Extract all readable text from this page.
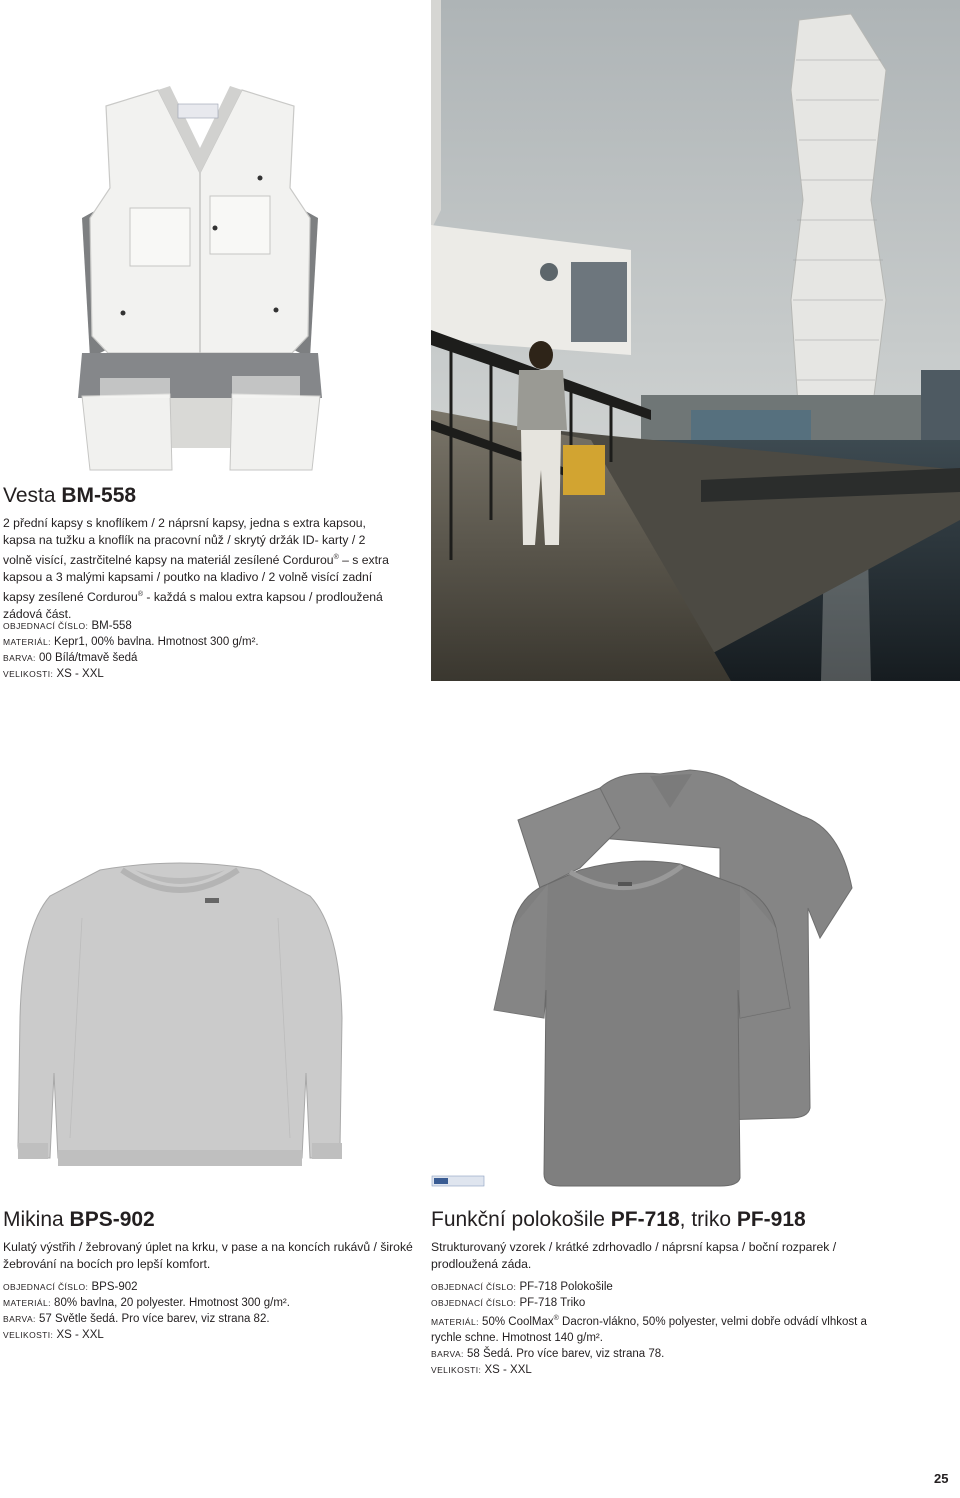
Vesta BM-558
2 přední kapsy s knoflíkem / 2 náprsní kapsy, jedna s extra kapsou, kapsa na tužku a knoflík na pracovní nůž / skrytý držák ID- karty / 2 volně visící, zastrčitelné kapsy na materiál zesílené Cordurou® – s extra kapsou a 3 malými kapsami / poutko na kladivo / 2 volně visící zadní kapsy zesílené Cordurou® - každá s malou extra kapsou / prodloužená zádová část.
OBJEDNACÍ ČÍSLO: BM-558
MATERIÁL: Kepr1, 00% bavlna. Hmotnost 300 g/m².
BARVA: 00 Bílá/tmavě šedá
VELIKOSTI: XS - XXL
Mikina BPS-902
Kulatý výstřih / žebrovaný úplet na krku, v pase a na koncích rukávů / široké žebrování na bocích pro lepší komfort.
OBJEDNACÍ ČÍSLO: BPS-902
MATERIÁL: 80% bavlna, 20 polyester. Hmotnost 300 g/m².
BARVA: 57 Světle šedá. Pro více barev, viz strana 82.
VELIKOSTI: XS - XXL
Funkční polokošile PF-718, triko PF-918
Strukturovaný vzorek / krátké zdrhovadlo / náprsní kapsa / boční rozparek / prodloužená záda.
OBJEDNACÍ ČÍSLO: PF-718 Polokošile
OBJEDNACÍ ČÍSLO: PF-718 Triko
MATERIÁL: 50% CoolMax® Dacron-vlákno, 50% polyester, velmi dobře odvádí vlhkost a rychle schne. Hmotnost 140 g/m².
BARVA: 58 Šedá. Pro více barev, viz strana 78.
VELIKOSTI: XS - XXL
25
